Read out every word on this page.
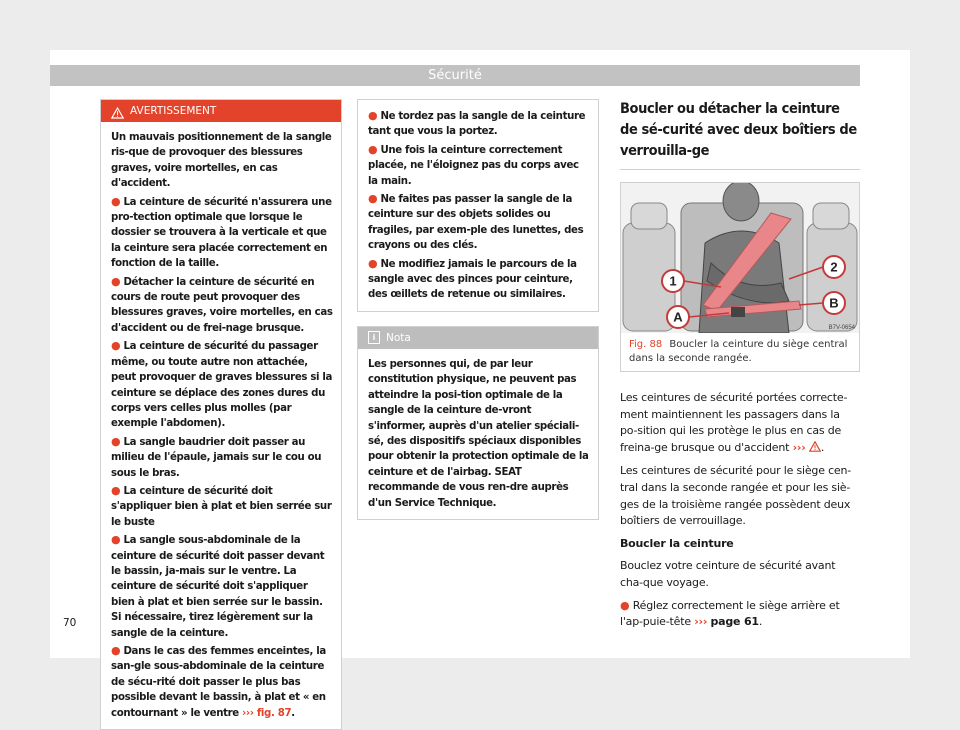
Sécurité
AVERTISSEMENT

Un mauvais positionnement de la sangle ris-que de provoquer des blessures graves, voire mortelles, en cas d'accident.

● La ceinture de sécurité n'assurera une pro-tection optimale que lorsque le dossier se trouvera à la verticale et que la ceinture sera placée correctement en fonction de la taille.

● Détacher la ceinture de sécurité en cours de route peut provoquer des blessures graves, voire mortelles, en cas d'accident ou de frei-nage brusque.

● La ceinture de sécurité du passager même, ou toute autre non attachée, peut provoquer de graves blessures si la ceinture se déplace des zones dures du corps vers celles plus molles (par exemple l'abdomen).

● La sangle baudrier doit passer au milieu de l'épaule, jamais sur le cou ou sous le bras.

● La ceinture de sécurité doit s'appliquer bien à plat et bien serrée sur le buste

● La sangle sous-abdominale de la ceinture de sécurité doit passer devant le bassin, ja-mais sur le ventre. La ceinture de sécurité doit s'appliquer bien à plat et bien serrée sur le bassin. Si nécessaire, tirez légèrement sur la sangle de la ceinture.

● Dans le cas des femmes enceintes, la san-gle sous-abdominale de la ceinture de sécu-rité doit passer le plus bas possible devant le bassin, à plat et « en contournant » le ventre ››› fig. 87.

● Ne tordez pas la sangle de la ceinture tant que vous la portez.

● Une fois la ceinture correctement placée, ne l'éloignez pas du corps avec la main.

● Ne faites pas passer la sangle de la ceinture sur des objets solides ou fragiles, par exem-ple des lunettes, des crayons ou des clés.

● Ne modifiez jamais le parcours de la sangle avec des pinces pour ceinture, des œillets de retenue ou similaires.

i	Nota

Les personnes qui, de par leur constitution physique, ne peuvent pas atteindre la posi-tion optimale de la sangle de la ceinture de-vront s'informer, auprès d'un atelier spéciali-sé, des dispositifs spéciaux disponibles pour obtenir la protection optimale de la ceinture et de l'airbag. SEAT recommande de vous ren-dre auprès d'un Service Technique.

Boucler ou détacher la ceinture de sé-curité avec deux boîtiers de verrouilla-ge
1
2
A
B
B7V-0654
Fig. 88 Boucler la ceinture du siège central dans la seconde rangée.

Les ceintures de sécurité portées correcte-ment maintiennent les passagers dans la po-sition qui les protège le plus en cas de freina-ge brusque ou d'accident ››› .

Les ceintures de sécurité pour le siège cen-tral dans la seconde rangée et pour les siè-ges de la troisième rangée possèdent deux boîtiers de verrouillage.

Boucler la ceinture

Bouclez votre ceinture de sécurité avant cha-que voyage.

● Réglez correctement le siège arrière et l'ap-puie-tête ››› page 61.

70
